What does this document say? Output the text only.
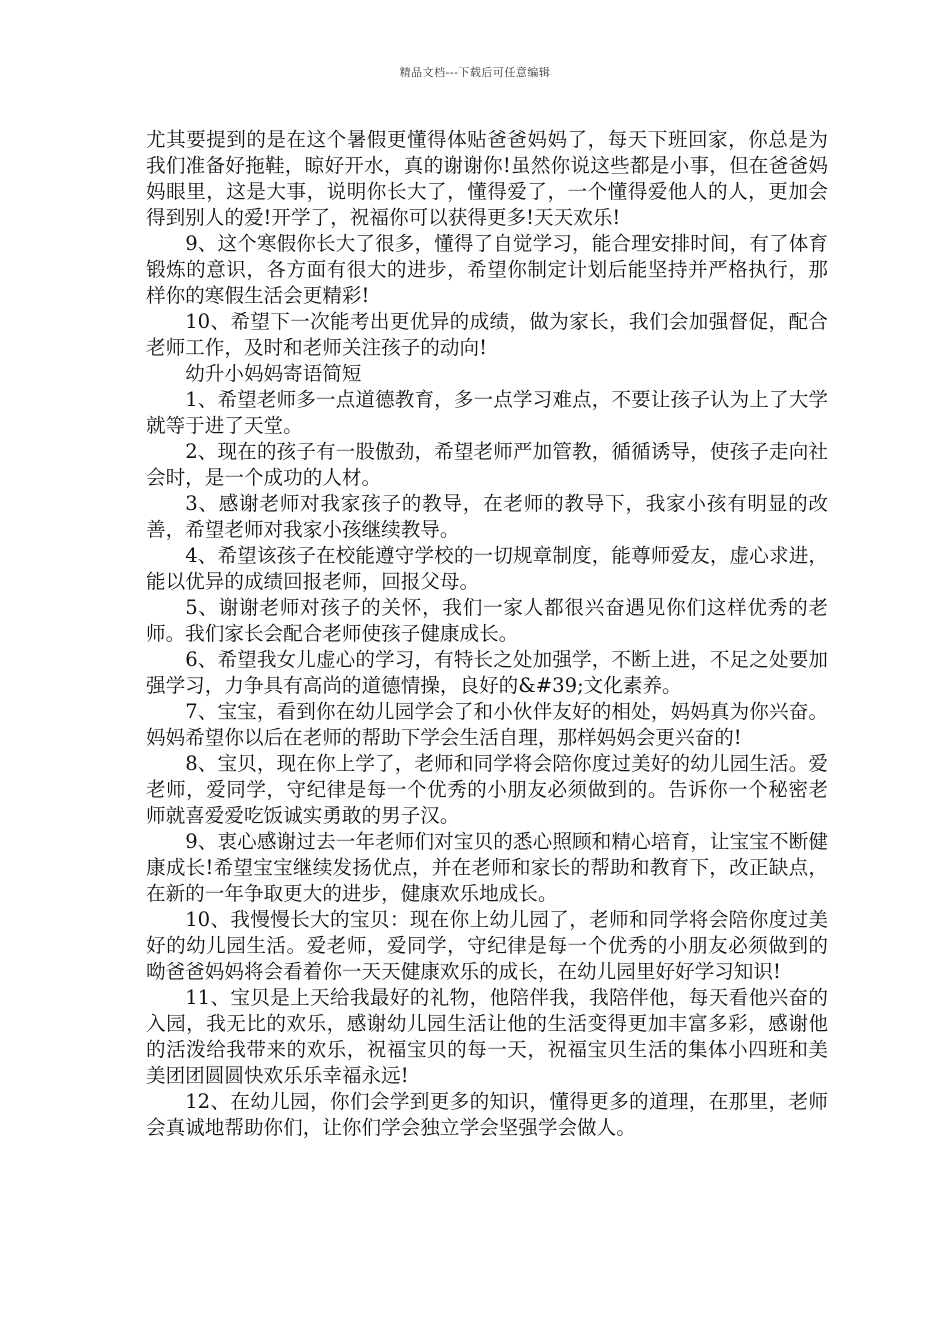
精品文档---下载后可任意编辑

尤其要提到的是在这个暑假更懂得体贴爸爸妈妈了，每天下班回家，你总是为我们准备好拖鞋，晾好开水，真的谢谢你!虽然你说这些都是小事，但在爸爸妈妈眼里，这是大事，说明你长大了，懂得爱了，一个懂得爱他人的人，更加会得到别人的爱!开学了，祝福你可以获得更多!天天欢乐!

9、这个寒假你长大了很多，懂得了自觉学习，能合理安排时间，有了体育锻炼的意识，各方面有很大的进步，希望你制定计划后能坚持并严格执行，那样你的寒假生活会更精彩!

10、希望下一次能考出更优异的成绩，做为家长，我们会加强督促，配合老师工作，及时和老师关注孩子的动向!

幼升小妈妈寄语简短

1、希望老师多一点道德教育，多一点学习难点，不要让孩子认为上了大学就等于进了天堂。

2、现在的孩子有一股傲劲，希望老师严加管教，循循诱导，使孩子走向社会时，是一个成功的人材。

3、感谢老师对我家孩子的教导，在老师的教导下，我家小孩有明显的改善，希望老师对我家小孩继续教导。

4、希望该孩子在校能遵守学校的一切规章制度，能尊师爱友，虚心求进，能以优异的成绩回报老师，回报父母。

5、谢谢老师对孩子的关怀，我们一家人都很兴奋遇见你们这样优秀的老师。我们家长会配合老师使孩子健康成长。

6、希望我女儿虚心的学习，有特长之处加强学，不断上进，不足之处要加强学习，力争具有高尚的道德情操，良好的&#39;文化素养。

7、宝宝，看到你在幼儿园学会了和小伙伴友好的相处，妈妈真为你兴奋。妈妈希望你以后在老师的帮助下学会生活自理，那样妈妈会更兴奋的!

8、宝贝，现在你上学了，老师和同学将会陪你度过美好的幼儿园生活。爱老师，爱同学，守纪律是每一个优秀的小朋友必须做到的。告诉你一个秘密老师就喜爱爱吃饭诚实勇敢的男子汉。

9、衷心感谢过去一年老师们对宝贝的悉心照顾和精心培育，让宝宝不断健康成长!希望宝宝继续发扬优点，并在老师和家长的帮助和教育下，改正缺点，在新的一年争取更大的进步，健康欢乐地成长。

10、我慢慢长大的宝贝：现在你上幼儿园了，老师和同学将会陪你度过美好的幼儿园生活。爱老师，爱同学，守纪律是每一个优秀的小朋友必须做到的呦爸爸妈妈将会看着你一天天健康欢乐的成长，在幼儿园里好好学习知识!

11、宝贝是上天给我最好的礼物，他陪伴我，我陪伴他，每天看他兴奋的入园，我无比的欢乐，感谢幼儿园生活让他的生活变得更加丰富多彩，感谢他的活泼给我带来的欢乐，祝福宝贝的每一天，祝福宝贝生活的集体小四班和美美团团圆圆快欢乐乐幸福永远!

12、在幼儿园，你们会学到更多的知识，懂得更多的道理，在那里，老师会真诚地帮助你们，让你们学会独立学会坚强学会做人。
